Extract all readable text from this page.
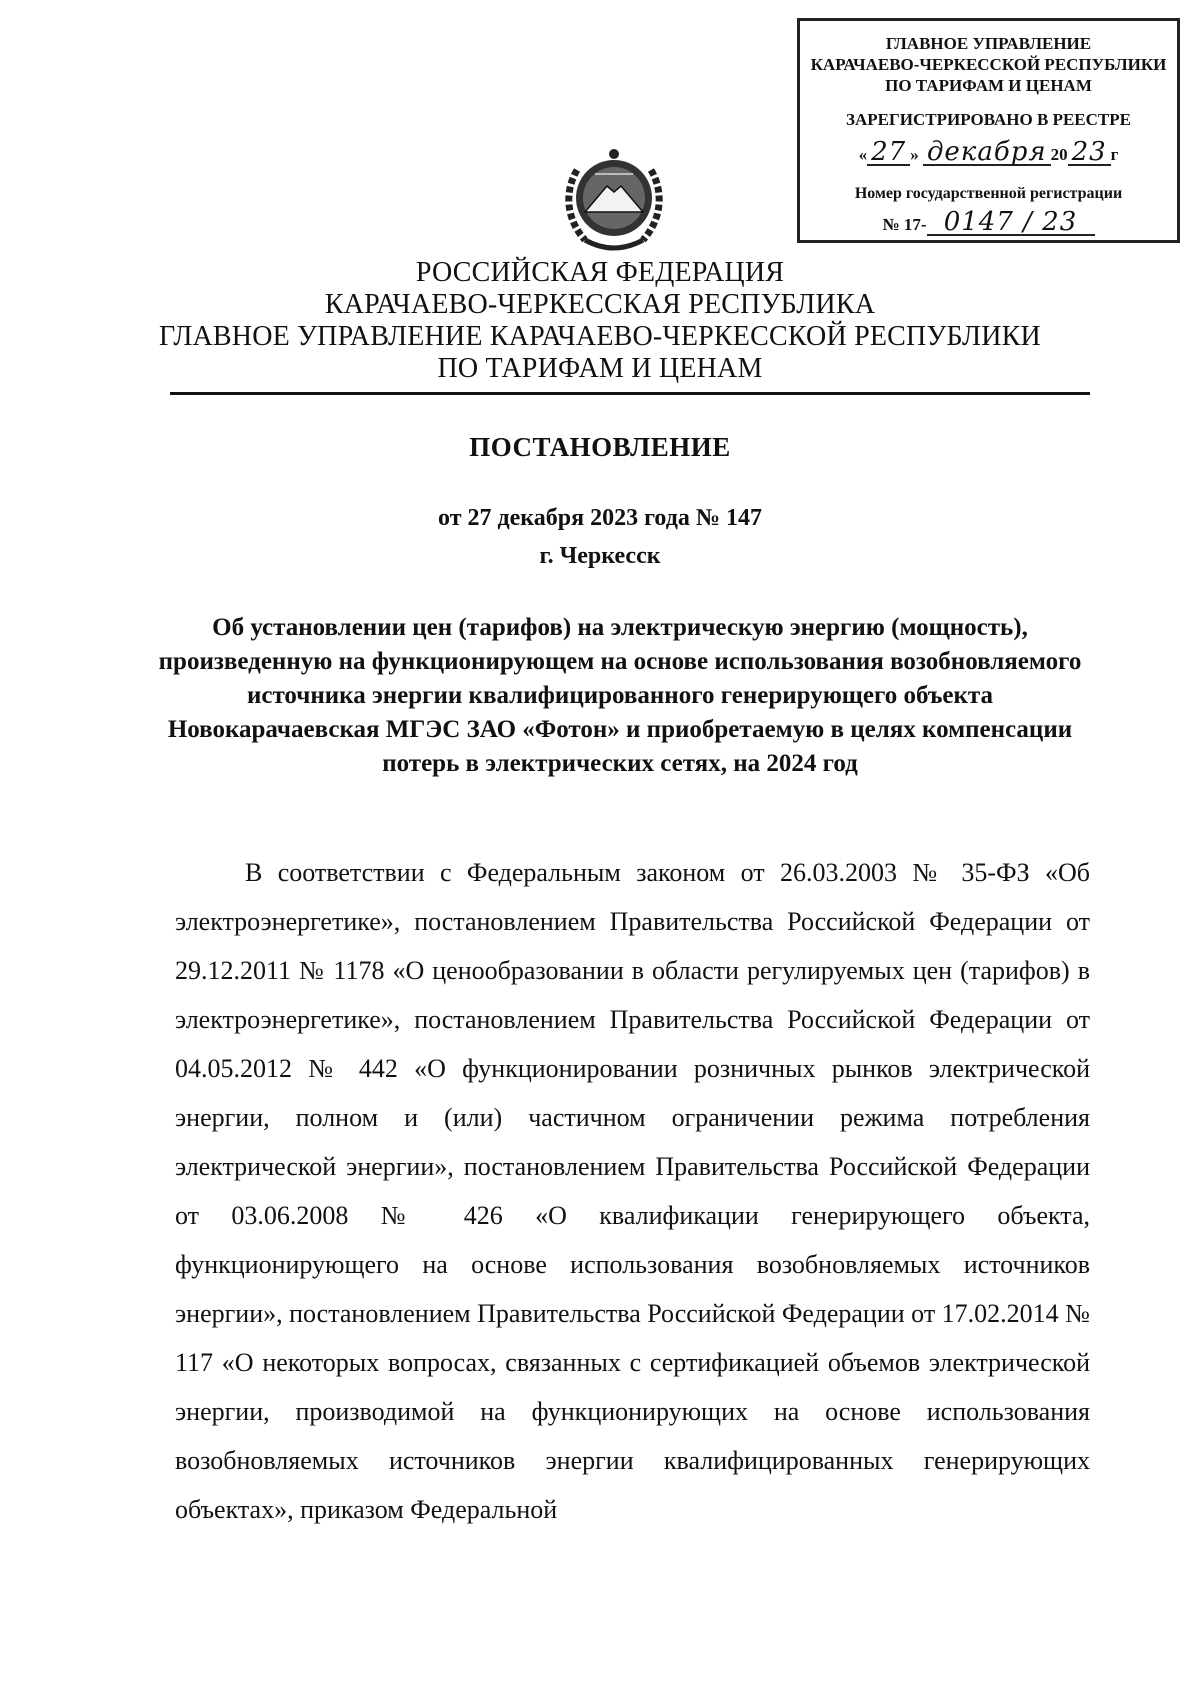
ГЛАВНОЕ УПРАВЛЕНИЕ
КАРАЧАЕВО-ЧЕРКЕССКОЙ РЕСПУБЛИКИ
ПО ТАРИФАМ И ЦЕНАМ
ЗАРЕГИСТРИРОВАНО В РЕЕСТРЕ
« 27 » декабря 20 23 г
Номер государственной регистрации
№ 17- 0147 / 23
РОССИЙСКАЯ ФЕДЕРАЦИЯ
КАРАЧАЕВО-ЧЕРКЕССКАЯ РЕСПУБЛИКА
ГЛАВНОЕ УПРАВЛЕНИЕ КАРАЧАЕВО-ЧЕРКЕССКОЙ РЕСПУБЛИКИ
ПО ТАРИФАМ И ЦЕНАМ
ПОСТАНОВЛЕНИЕ
от 27 декабря 2023 года № 147
г. Черкесск
Об установлении цен (тарифов) на электрическую энергию (мощность), произведенную на функционирующем на основе использования возобновляемого источника энергии квалифицированного генерирующего объекта Новокарачаевская МГЭС ЗАО «Фотон» и приобретаемую в целях компенсации потерь в электрических сетях, на 2024 год

В соответствии с Федеральным законом от 26.03.2003 № 35-ФЗ «Об электроэнергетике», постановлением Правительства Российской Федерации от 29.12.2011 № 1178 «О ценообразовании в области регулируемых цен (тарифов) в электроэнергетике», постановлением Правительства Российской Федерации от 04.05.2012 № 442 «О функционировании розничных рынков электрической энергии, полном и (или) частичном ограничении режима потребления электрической энергии», постановлением Правительства Российской Федерации от 03.06.2008 № 426 «О квалификации генерирующего объекта, функционирующего на основе использования возобновляемых источников энергии», постановлением Правительства Российской Федерации от 17.02.2014 № 117 «О некоторых вопросах, связанных с сертификацией объемов электрической энергии, производимой на функционирующих на основе использования возобновляемых источников энергии квалифицированных генерирующих объектах», приказом Федеральной
